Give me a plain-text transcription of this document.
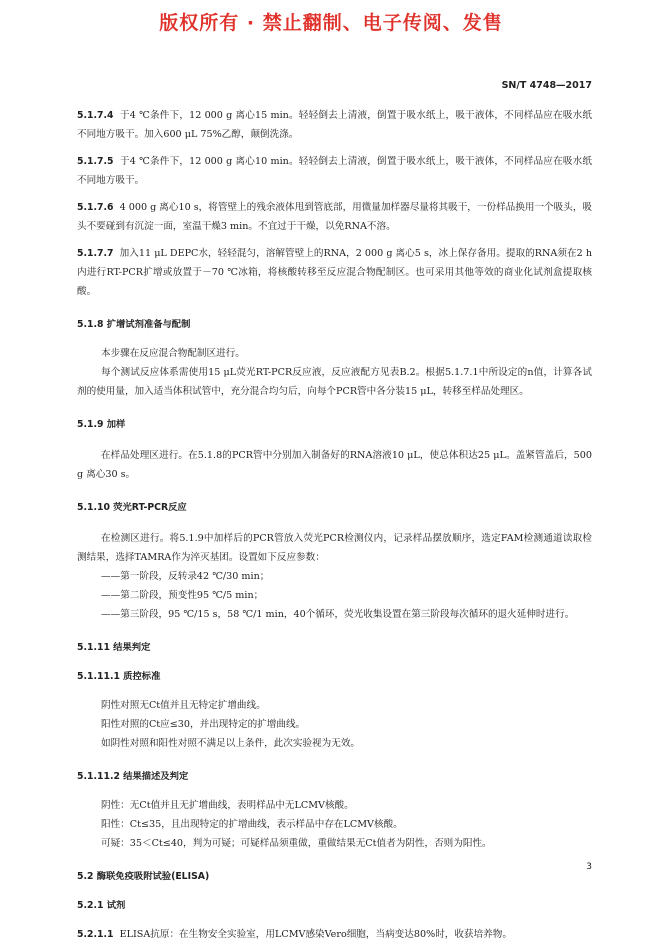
版权所有 · 禁止翻制、电子传阅、发售
SN/T 4748—2017

5.1.7.4 于4 ℃条件下，12 000 g 离心15 min。轻轻倒去上清液，倒置于吸水纸上，吸干液体，不同样品应在吸水纸不同地方吸干。加入600 μL 75%乙醇，颠倒洗涤。

5.1.7.5 于4 ℃条件下，12 000 g 离心10 min。轻轻倒去上清液，倒置于吸水纸上，吸干液体，不同样品应在吸水纸不同地方吸干。

5.1.7.6 4 000 g 离心10 s，将管壁上的残余液体甩到管底部，用微量加样器尽量将其吸干，一份样品换用一个吸头，吸头不要碰到有沉淀一面，室温干燥3 min。不宜过于干燥，以免RNA不溶。

5.1.7.7 加入11 μL DEPC水，轻轻混匀，溶解管壁上的RNA，2 000 g 离心5 s，冰上保存备用。提取的RNA须在2 h 内进行RT-PCR扩增或放置于－70 ℃冰箱，将核酸转移至反应混合物配制区。也可采用其他等效的商业化试剂盒提取核酸。

5.1.8 扩增试剂准备与配制

本步骤在反应混合物配制区进行。

每个测试反应体系需使用15 μL荧光RT-PCR反应液，反应液配方见表B.2。根据5.1.7.1中所设定的n值，计算各试剂的使用量，加入适当体积试管中，充分混合均匀后，向每个PCR管中各分装15 μL，转移至样品处理区。

5.1.9 加样

在样品处理区进行。在5.1.8的PCR管中分别加入制备好的RNA溶液10 μL，使总体积达25 μL。盖紧管盖后，500 g 离心30 s。

5.1.10 荧光RT-PCR反应

在检测区进行。将5.1.9中加样后的PCR管放入荧光PCR检测仪内，记录样品摆放顺序，选定FAM检测通道读取检测结果，选择TAMRA作为淬灭基团。设置如下反应参数：

——第一阶段，反转录42 ℃/30 min；

——第二阶段，预变性95 ℃/5 min；

——第三阶段，95 ℃/15 s，58 ℃/1 min，40个循环，荧光收集设置在第三阶段每次循环的退火延伸时进行。

5.1.11 结果判定
5.1.11.1 质控标准

阴性对照无Ct值并且无特定扩增曲线。

阳性对照的Ct应≤30，并出现特定的扩增曲线。

如阴性对照和阳性对照不满足以上条件，此次实验视为无效。

5.1.11.2 结果描述及判定

阴性：无Ct值并且无扩增曲线，表明样品中无LCMV核酸。

阳性：Ct≤35，且出现特定的扩增曲线，表示样品中存在LCMV核酸。

可疑：35＜Ct≤40，判为可疑；可疑样品须重做，重做结果无Ct值者为阴性，否则为阳性。

5.2 酶联免疫吸附试验(ELISA)
5.2.1 试剂

5.2.1.1 ELISA抗原：在生物安全实验室，用LCMV感染Vero细胞，当病变达80%时，收获培养物。

3
